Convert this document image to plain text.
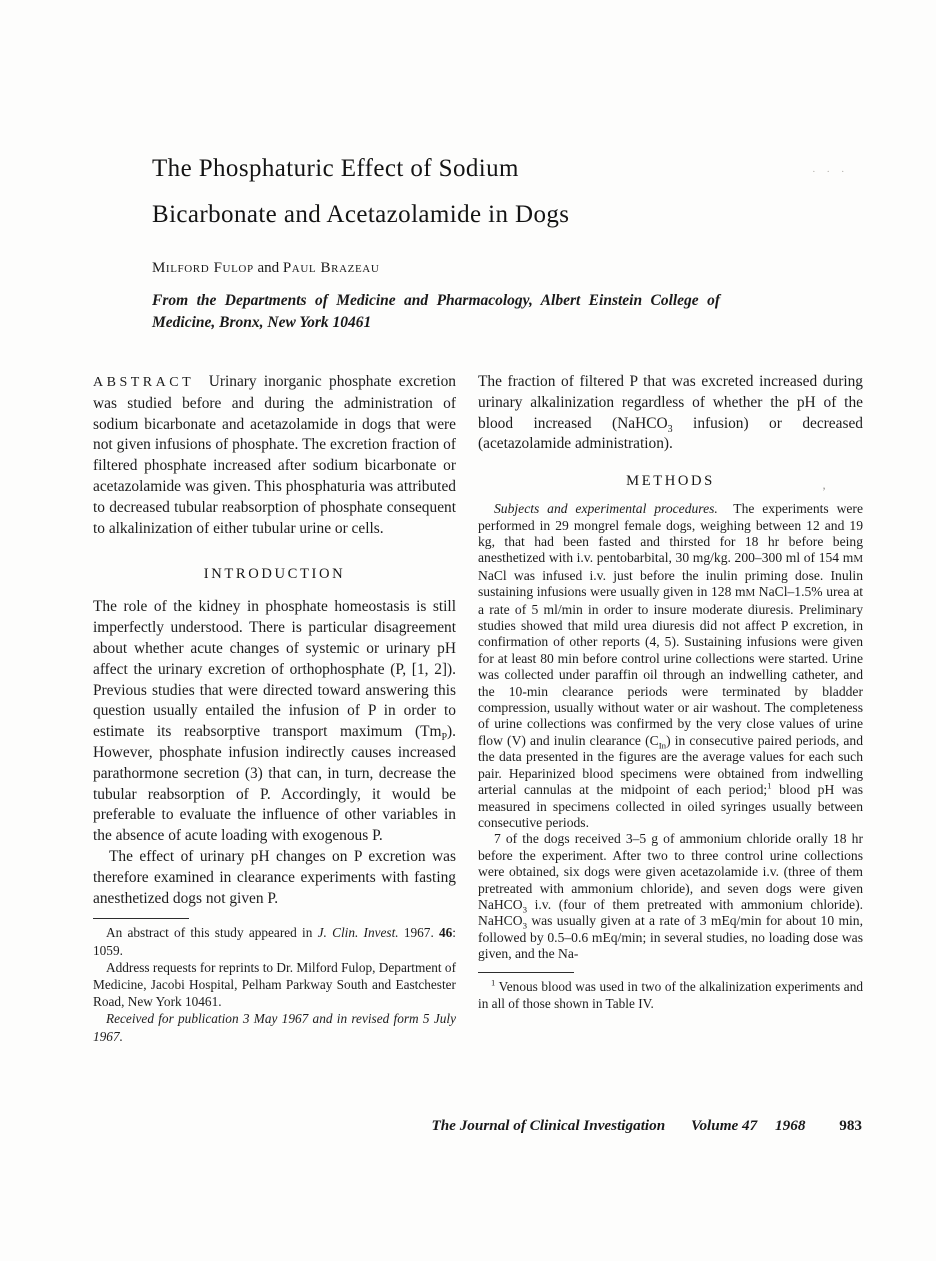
The Phosphaturic Effect of Sodium
Bicarbonate and Acetazolamide in Dogs

Milford Fulop and Paul Brazeau

From the Departments of Medicine and Pharmacology, Albert Einstein College of Medicine, Bronx, New York 10461

ABSTRACT  Urinary inorganic phosphate excretion was studied before and during the administration of sodium bicarbonate and acetazolamide in dogs that were not given infusions of phosphate. The excretion fraction of filtered phosphate increased after sodium bicarbonate or acetazolamide was given. This phosphaturia was attributed to decreased tubular reabsorption of phosphate consequent to alkalinization of either tubular urine or cells.

INTRODUCTION

The role of the kidney in phosphate homeostasis is still imperfectly understood. There is particular disagreement about whether acute changes of systemic or urinary pH affect the urinary excretion of orthophosphate (P, [1, 2]). Previous studies that were directed toward answering this question usually entailed the infusion of P in order to estimate its reabsorptive transport maximum $(Tm_P)$. However, phosphate infusion indirectly causes increased parathormone secretion (3) that can, in turn, decrease the tubular reabsorption of P. Accordingly, it would be preferable to evaluate the influence of other variables in the absence of acute loading with exogenous P.

The effect of urinary pH changes on P excretion was therefore examined in clearance experiments with fasting anesthetized dogs not given P.

An abstract of this study appeared in J. Clin. Invest. 1967. 46: 1059.

Address requests for reprints to Dr. Milford Fulop, Department of Medicine, Jacobi Hospital, Pelham Parkway South and Eastchester Road, New York 10461.

Received for publication 3 May 1967 and in revised form 5 July 1967.

The fraction of filtered P that was excreted increased during urinary alkalinization regardless of whether the pH of the blood increased (NaHCO$_3$ infusion) or decreased (acetazolamide administration).

METHODS

Subjects and experimental procedures.  The experiments were performed in 29 mongrel female dogs, weighing between 12 and 19 kg, that had been fasted and thirsted for 18 hr before being anesthetized with i.v. pentobarbital, 30 mg/kg. 200–300 ml of 154 mM NaCl was infused i.v. just before the inulin priming dose. Inulin sustaining infusions were usually given in 128 mM NaCl–1.5% urea at a rate of 5 ml/min in order to insure moderate diuresis. Preliminary studies showed that mild urea diuresis did not affect P excretion, in confirmation of other reports (4, 5). Sustaining infusions were given for at least 80 min before control urine collections were started. Urine was collected under paraffin oil through an indwelling catheter, and the 10-min clearance periods were terminated by bladder compression, usually without water or air washout. The completeness of urine collections was confirmed by the very close values of urine flow (V) and inulin clearance $(C_{In})$ in consecutive paired periods, and the data presented in the figures are the average values for each such pair. Heparinized blood specimens were obtained from indwelling arterial cannulas at the midpoint of each period;$^1$ blood pH was measured in specimens collected in oiled syringes usually between consecutive periods.

7 of the dogs received 3–5 g of ammonium chloride orally 18 hr before the experiment. After two to three control urine collections were obtained, six dogs were given acetazolamide i.v. (three of them pretreated with ammonium chloride), and seven dogs were given NaHCO$_3$ i.v. (four of them pretreated with ammonium chloride). NaHCO$_3$ was usually given at a rate of 3 mEq/min for about 10 min, followed by 0.5–0.6 mEq/min; in several studies, no loading dose was given, and the Na-

$^1$ Venous blood was used in two of the alkalinization experiments and in all of those shown in Table IV.

The Journal of Clinical Investigation Volume 47 1968 983
· · ·
’
